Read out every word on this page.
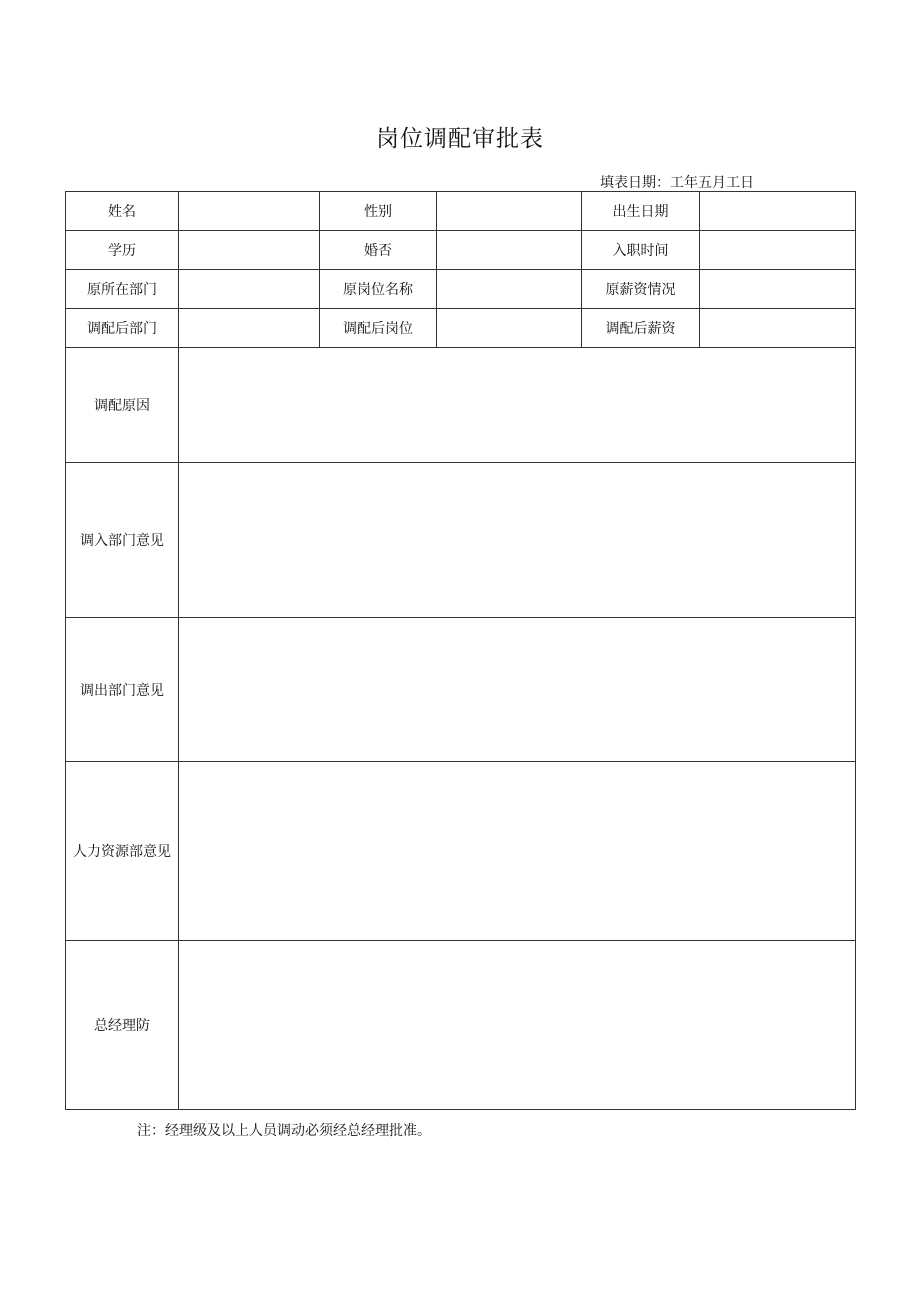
岗位调配审批表
填表日期：工年五月工日
姓名		性别		出生日期	
学历		婚否		入职时间	
原所在部门		原岗位名称		原薪资情况	
调配后部门		调配后岗位		调配后薪资	
调配原因					
调入部门意见					
调出部门意见					
人力资源部意见					
总经理防					
注：经理级及以上人员调动必须经总经理批准。
